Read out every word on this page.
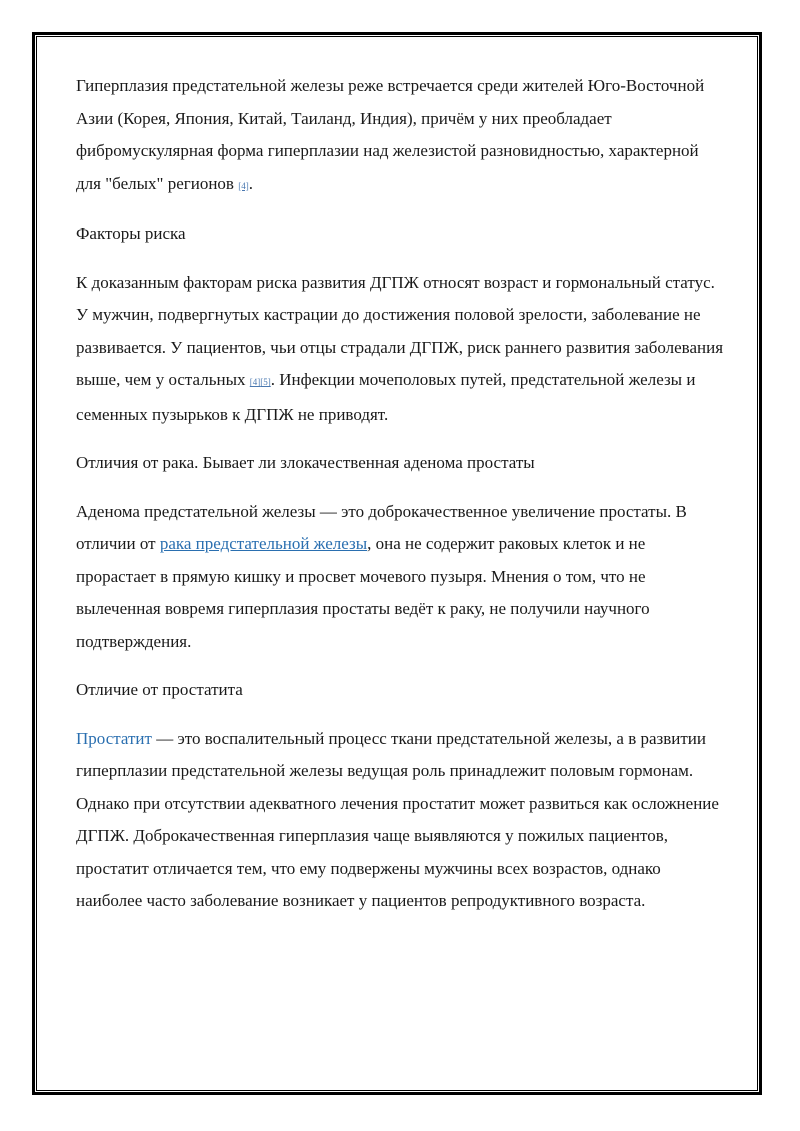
Гиперплазия предстательной железы реже встречается среди жителей Юго-Восточной Азии (Корея, Япония, Китай, Таиланд, Индия), причём у них преобладает фибромускулярная форма гиперплазии над железистой разновидностью, характерной для "белых" регионов [4].

Факторы риска

К доказанным факторам риска развития ДГПЖ относят возраст и гормональный статус. У мужчин, подвергнутых кастрации до достижения половой зрелости, заболевание не развивается. У пациентов, чьи отцы страдали ДГПЖ, риск раннего развития заболевания выше, чем у остальных [4][5]. Инфекции мочеполовых путей, предстательной железы и семенных пузырьков к ДГПЖ не приводят.

Отличия от рака. Бывает ли злокачественная аденома простаты

Аденома предстательной железы — это доброкачественное увеличение простаты. В отличии от рака предстательной железы, она не содержит раковых клеток и не прорастает в прямую кишку и просвет мочевого пузыря. Мнения о том, что не вылеченная вовремя гиперплазия простаты ведёт к раку, не получили научного подтверждения.

Отличие от простатита

Простатит — это воспалительный процесс ткани предстательной железы, а в развитии гиперплазии предстательной железы ведущая роль принадлежит половым гормонам. Однако при отсутствии адекватного лечения простатит может развиться как осложнение ДГПЖ. Доброкачественная гиперплазия чаще выявляются у пожилых пациентов, простатит отличается тем, что ему подвержены мужчины всех возрастов, однако наиболее часто заболевание возникает у пациентов репродуктивного возраста.
